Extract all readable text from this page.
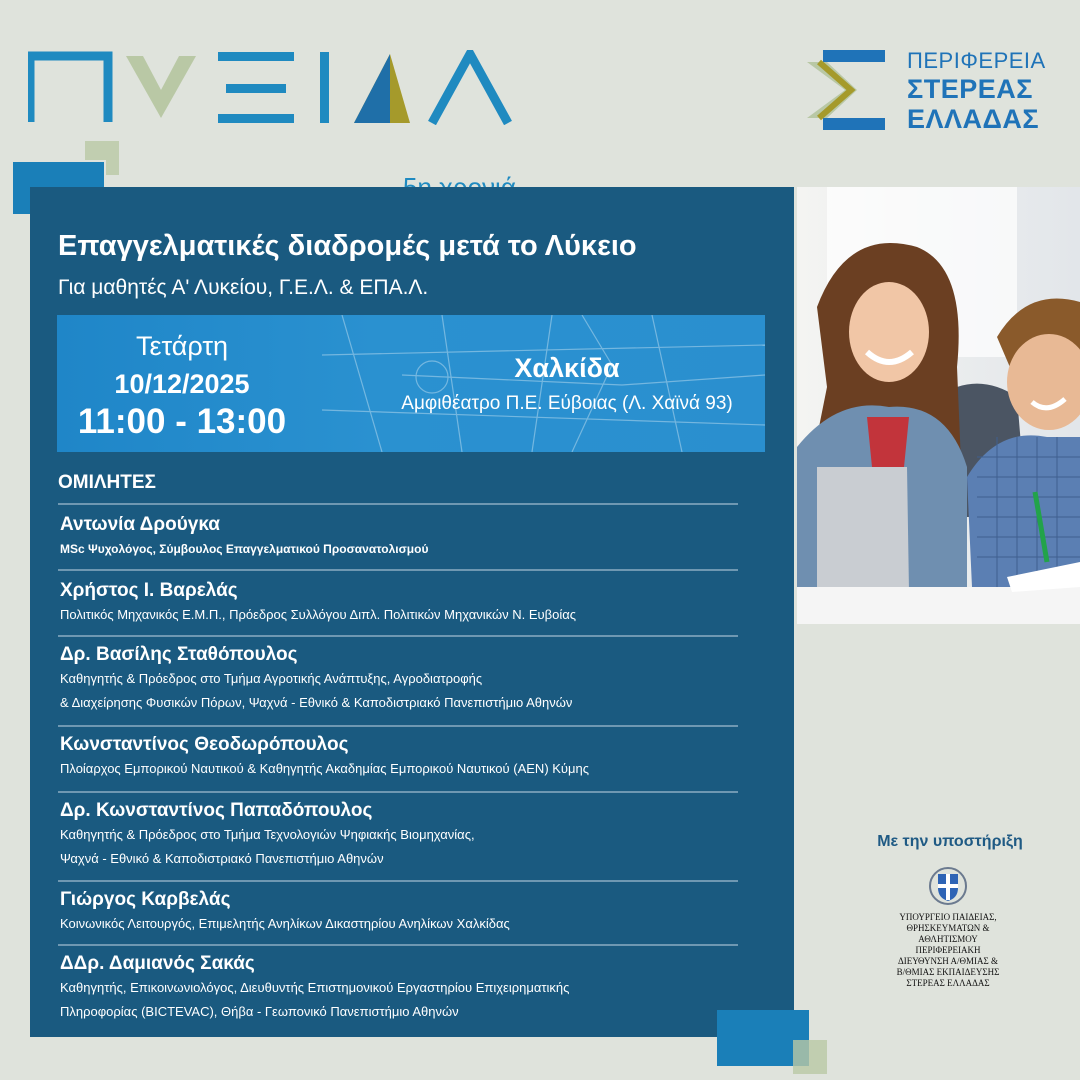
ΠΕΡΙΦΕΡΕΙΑ
ΣΤΕΡΕΑΣ
ΕΛΛΑΔΑΣ
Επαγγελματικές διαδρομές μετά το Λύκειο
Για μαθητές Α' Λυκείου, Γ.Ε.Λ. & ΕΠΑ.Λ.
Τετάρτη
10/12/2025
11:00 - 13:00
Χαλκίδα
Αμφιθέατρο Π.Ε. Εύβοιας (Λ. Χαϊνά 93)
ΟΜΙΛΗΤΕΣ
Αντωνία Δρούγκα
MSc Ψυχολόγος, Σύμβουλος Επαγγελματικού Προσανατολισμού
Χρήστος Ι. Βαρελάς
Πολιτικός Μηχανικός Ε.Μ.Π., Πρόεδρος Συλλόγου Διπλ. Πολιτικών Μηχανικών Ν. Ευβοίας
Δρ. Βασίλης Σταθόπουλος
Καθηγητής & Πρόεδρος στο Τμήμα Αγροτικής Ανάπτυξης, Αγροδιατροφής
& Διαχείρησης Φυσικών Πόρων, Ψαχνά - Εθνικό & Καποδιστριακό Πανεπιστήμιο Αθηνών
Κωνσταντίνος Θεοδωρόπουλος
Πλοίαρχος Εμπορικού Ναυτικού & Καθηγητής Ακαδημίας Εμπορικού Ναυτικού (ΑΕΝ) Κύμης
Δρ. Κωνσταντίνος Παπαδόπουλος
Καθηγητής & Πρόεδρος στο Τμήμα Τεχνολογιών Ψηφιακής Βιομηχανίας,
Ψαχνά - Εθνικό & Καποδιστριακό Πανεπιστήμιο Αθηνών
Γιώργος Καρβελάς
Κοινωνικός Λειτουργός, Επιμελητής Ανηλίκων Δικαστηρίου Ανηλίκων Χαλκίδας
ΔΔρ. Δαμιανός Σακάς
Καθηγητής, Επικοινωνιολόγος, Διευθυντής Επιστημονικού Εργαστηρίου Επιχειρηματικής
Πληροφορίας (BICTEVAC), Θήβα - Γεωπονικό Πανεπιστήμιο Αθηνών
Με την υποστήριξη
ΥΠΟΥΡΓΕΙΟ ΠΑΙΔΕΙΑΣ,
ΘΡΗΣΚΕΥΜΑΤΩΝ &
ΑΘΛΗΤΙΣΜΟΥ
ΠΕΡΙΦΕΡΕΙΑΚΗ
ΔΙΕΥΘΥΝΣΗ Α/ΘΜΙΑΣ &
Β/ΘΜΙΑΣ ΕΚΠΑΙΔΕΥΣΗΣ
ΣΤΕΡΕΑΣ ΕΛΛΑΔΑΣ
